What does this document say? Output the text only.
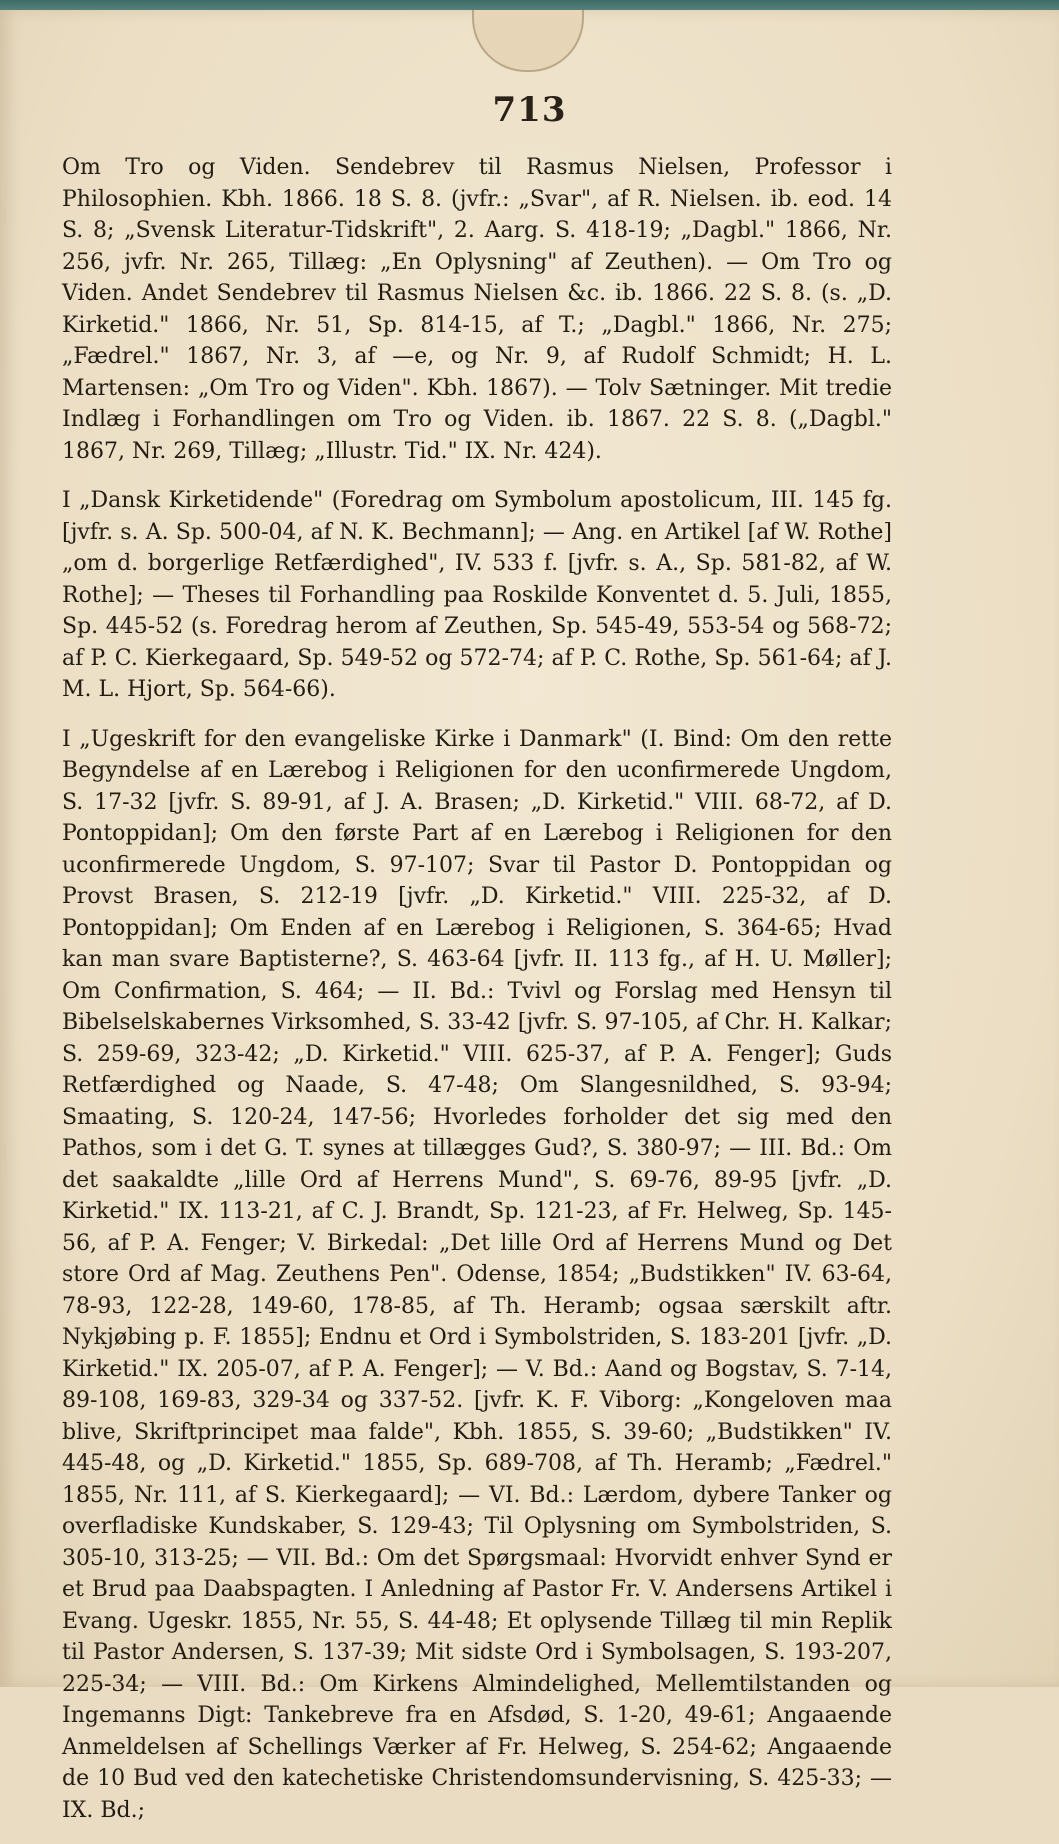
713

Om Tro og Viden. Sendebrev til Rasmus Nielsen, Professor i Philosophien. Kbh. 1866. 18 S. 8. (jvfr.: „Svar", af R. Nielsen. ib. eod. 14 S. 8; „Svensk Literatur-Tidskrift", 2. Aarg. S. 418-19; „Dagbl." 1866, Nr. 256, jvfr. Nr. 265, Tillæg: „En Oplysning" af Zeuthen). — Om Tro og Viden. Andet Sendebrev til Rasmus Nielsen &c. ib. 1866. 22 S. 8. (s. „D. Kirketid." 1866, Nr. 51, Sp. 814-15, af T.; „Dagbl." 1866, Nr. 275; „Fædrel." 1867, Nr. 3, af —e, og Nr. 9, af Rudolf Schmidt; H. L. Martensen: „Om Tro og Viden". Kbh. 1867). — Tolv Sætninger. Mit tredie Indlæg i Forhandlingen om Tro og Viden. ib. 1867. 22 S. 8. („Dagbl." 1867, Nr. 269, Tillæg; „Illustr. Tid." IX. Nr. 424).

I „Dansk Kirketidende" (Foredrag om Symbolum apostolicum, III. 145 fg. [jvfr. s. A. Sp. 500-04, af N. K. Bechmann]; — Ang. en Artikel [af W. Rothe] „om d. borgerlige Retfærdighed", IV. 533 f. [jvfr. s. A., Sp. 581-82, af W. Rothe]; — Theses til Forhandling paa Roskilde Konventet d. 5. Juli, 1855, Sp. 445-52 (s. Foredrag herom af Zeuthen, Sp. 545-49, 553-54 og 568-72; af P. C. Kierkegaard, Sp. 549-52 og 572-74; af P. C. Rothe, Sp. 561-64; af J. M. L. Hjort, Sp. 564-66).

I „Ugeskrift for den evangeliske Kirke i Danmark" (I. Bind: Om den rette Begyndelse af en Lærebog i Religionen for den uconfirmerede Ungdom, S. 17-32 [jvfr. S. 89-91, af J. A. Brasen; „D. Kirketid." VIII. 68-72, af D. Pontoppidan]; Om den første Part af en Lærebog i Religionen for den uconfirmerede Ungdom, S. 97-107; Svar til Pastor D. Pontoppidan og Provst Brasen, S. 212-19 [jvfr. „D. Kirketid." VIII. 225-32, af D. Pontoppidan]; Om Enden af en Lærebog i Religionen, S. 364-65; Hvad kan man svare Baptisterne?, S. 463-64 [jvfr. II. 113 fg., af H. U. Møller]; Om Confirmation, S. 464; — II. Bd.: Tvivl og Forslag med Hensyn til Bibelselskabernes Virksomhed, S. 33-42 [jvfr. S. 97-105, af Chr. H. Kalkar; S. 259-69, 323-42; „D. Kirketid." VIII. 625-37, af P. A. Fenger]; Guds Retfærdighed og Naade, S. 47-48; Om Slangesnildhed, S. 93-94; Smaating, S. 120-24, 147-56; Hvorledes forholder det sig med den Pathos, som i det G. T. synes at tillægges Gud?, S. 380-97; — III. Bd.: Om det saakaldte „lille Ord af Herrens Mund", S. 69-76, 89-95 [jvfr. „D. Kirketid." IX. 113-21, af C. J. Brandt, Sp. 121-23, af Fr. Helweg, Sp. 145-56, af P. A. Fenger; V. Birkedal: „Det lille Ord af Herrens Mund og Det store Ord af Mag. Zeuthens Pen". Odense, 1854; „Budstikken" IV. 63-64, 78-93, 122-28, 149-60, 178-85, af Th. Heramb; ogsaa særskilt aftr. Nykjøbing p. F. 1855]; Endnu et Ord i Symbolstriden, S. 183-201 [jvfr. „D. Kirketid." IX. 205-07, af P. A. Fenger]; — V. Bd.: Aand og Bogstav, S. 7-14, 89-108, 169-83, 329-34 og 337-52. [jvfr. K. F. Viborg: „Kongeloven maa blive, Skriftprincipet maa falde", Kbh. 1855, S. 39-60; „Budstikken" IV. 445-48, og „D. Kirketid." 1855, Sp. 689-708, af Th. Heramb; „Fædrel." 1855, Nr. 111, af S. Kierkegaard]; — VI. Bd.: Lærdom, dybere Tanker og overfladiske Kundskaber, S. 129-43; Til Oplysning om Symbolstriden, S. 305-10, 313-25; — VII. Bd.: Om det Spørgsmaal: Hvorvidt enhver Synd er et Brud paa Daabspagten. I Anledning af Pastor Fr. V. Andersens Artikel i Evang. Ugeskr. 1855, Nr. 55, S. 44-48; Et oplysende Tillæg til min Replik til Pastor Andersen, S. 137-39; Mit sidste Ord i Symbolsagen, S. 193-207, 225-34; — VIII. Bd.: Om Kirkens Almindelighed, Mellemtilstanden og Ingemanns Digt: Tankebreve fra en Afsdød, S. 1-20, 49-61; Angaaende Anmeldelsen af Schellings Værker af Fr. Helweg, S. 254-62; Angaaende de 10 Bud ved den katechetiske Christendomsundervisning, S. 425-33; — IX. Bd.;
